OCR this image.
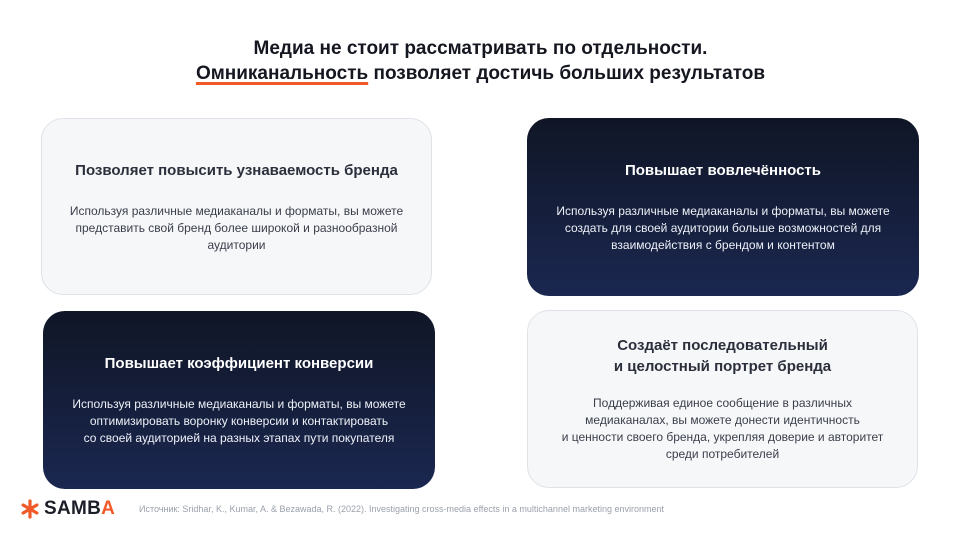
Медиа не стоит рассматривать по отдельности.
Омниканальность позволяет достичь больших результатов
Позволяет повысить узнаваемость бренда

Используя различные медиаканалы и форматы, вы можете
представить свой бренд более широкой и разнообразной
аудитории

Повышает вовлечённость

Используя различные медиаканалы и форматы, вы можете
создать для своей аудитории больше возможностей для
взаимодействия с брендом и контентом

Повышает коэффициент конверсии

Используя различные медиаканалы и форматы, вы можете
оптимизировать воронку конверсии и контактировать
со своей аудиторией на разных этапах пути покупателя

Создаёт последовательный
и целостный портрет бренда

Поддерживая единое сообщение в различных
медиаканалах, вы можете донести идентичность
и ценности своего бренда, укрепляя доверие и авторитет
среди потребителей

SAMB A	Источник: Sridhar, K., Kumar, A. & Bezawada, R. (2022). Investigating cross-media effects in a multichannel marketing environment
